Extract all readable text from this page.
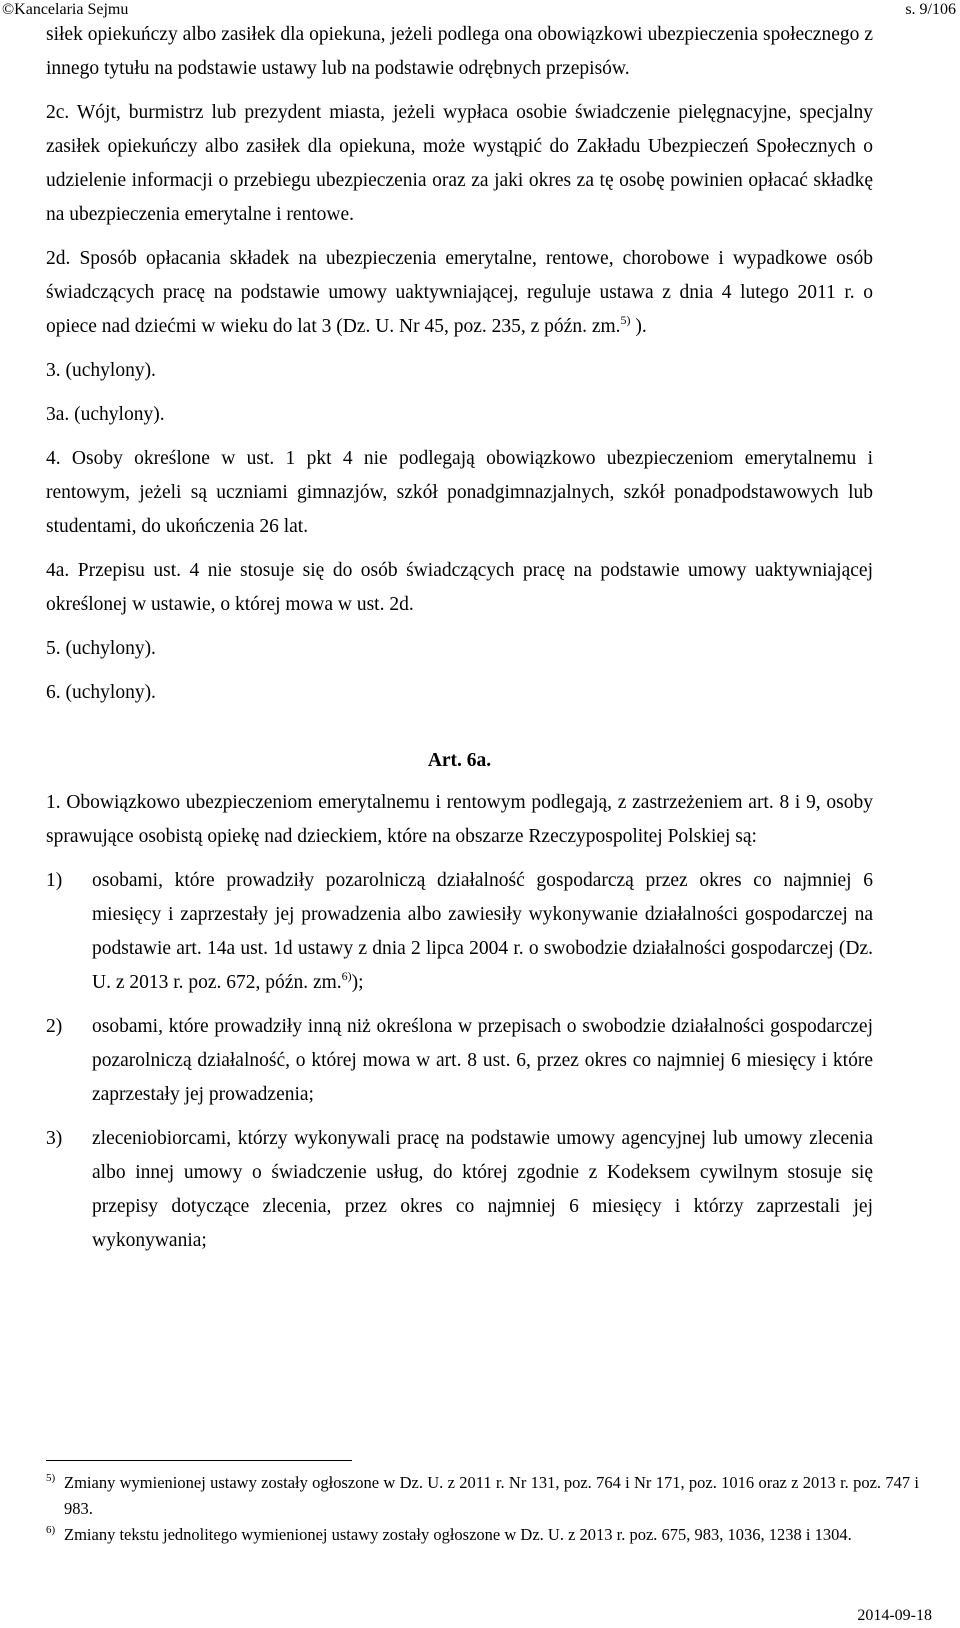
©Kancelaria Sejmu	s. 9/106

siłek opiekuńczy albo zasiłek dla opiekuna, jeżeli podlega ona obowiązkowi ubezpieczenia społecznego z innego tytułu na podstawie ustawy lub na podstawie odrębnych przepisów.

2c. Wójt, burmistrz lub prezydent miasta, jeżeli wypłaca osobie świadczenie pielęgnacyjne, specjalny zasiłek opiekuńczy albo zasiłek dla opiekuna, może wystąpić do Zakładu Ubezpieczeń Społecznych o udzielenie informacji o przebiegu ubezpieczenia oraz za jaki okres za tę osobę powinien opłacać składkę na ubezpieczenia emerytalne i rentowe.

2d. Sposób opłacania składek na ubezpieczenia emerytalne, rentowe, chorobowe i wypadkowe osób świadczących pracę na podstawie umowy uaktywniającej, reguluje ustawa z dnia 4 lutego 2011 r. o opiece nad dziećmi w wieku do lat 3 (Dz. U. Nr 45, poz. 235, z późn. zm.$^{5)}$ ).

3. (uchylony).

3a. (uchylony).

4. Osoby określone w ust. 1 pkt 4 nie podlegają obowiązkowo ubezpieczeniom emerytalnemu i rentowym, jeżeli są uczniami gimnazjów, szkół ponadgimnazjalnych, szkół ponadpodstawowych lub studentami, do ukończenia 26 lat.

4a. Przepisu ust. 4 nie stosuje się do osób świadczących pracę na podstawie umowy uaktywniającej określonej w ustawie, o której mowa w ust. 2d.

5. (uchylony).

6. (uchylony).

Art. 6a.

1. Obowiązkowo ubezpieczeniom emerytalnemu i rentowym podlegają, z zastrzeżeniem art. 8 i 9, osoby sprawujące osobistą opiekę nad dzieckiem, które na obszarze Rzeczypospolitej Polskiej są:

1) osobami, które prowadziły pozarolniczą działalność gospodarczą przez okres co najmniej 6 miesięcy i zaprzestały jej prowadzenia albo zawiesiły wykonywanie działalności gospodarczej na podstawie art. 14a ust. 1d ustawy z dnia 2 lipca 2004 r. o swobodzie działalności gospodarczej (Dz. U. z 2013 r. poz. 672, późn. zm.$^{6)}$);
2) osobami, które prowadziły inną niż określona w przepisach o swobodzie działalności gospodarczej pozarolniczą działalność, o której mowa w art. 8 ust. 6, przez okres co najmniej 6 miesięcy i które zaprzestały jej prowadzenia;
3) zleceniobiorcami, którzy wykonywali pracę na podstawie umowy agencyjnej lub umowy zlecenia albo innej umowy o świadczenie usług, do której zgodnie z Kodeksem cywilnym stosuje się przepisy dotyczące zlecenia, przez okres co najmniej 6 miesięcy i którzy zaprzestali jej wykonywania;
5) Zmiany wymienionej ustawy zostały ogłoszone w Dz. U. z 2011 r. Nr 131, poz. 764 i Nr 171, poz. 1016 oraz z 2013 r. poz. 747 i 983.
6) Zmiany tekstu jednolitego wymienionej ustawy zostały ogłoszone w Dz. U. z 2013 r. poz. 675, 983, 1036, 1238 i 1304.
2014-09-18
